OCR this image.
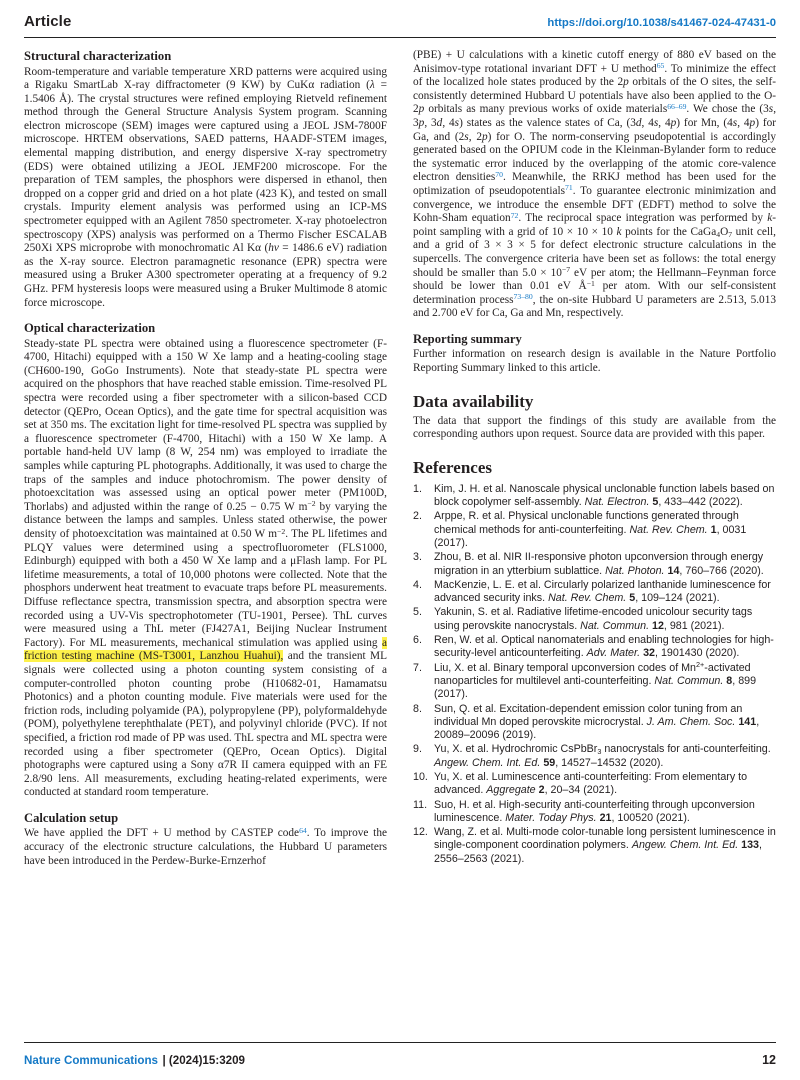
Article	https://doi.org/10.1038/s41467-024-47431-0
Structural characterization

Room-temperature and variable temperature XRD patterns were acquired using a Rigaku SmartLab X-ray diffractometer (9 KW) by CuKα radiation (λ = 1.5406 Å). The crystal structures were refined employing Rietveld refinement method through the General Structure Analysis System program. Scanning electron microscope (SEM) images were captured using a JEOL JSM-7800F microscope. HRTEM observations, SAED patterns, HAADF-STEM images, elemental mapping distribution, and energy dispersive X-ray spectrometry (EDS) were obtained utilizing a JEOL JEMF200 microscope. For the preparation of TEM samples, the phosphors were dispersed in ethanol, then dropped on a copper grid and dried on a hot plate (423 K), and tested on small crystals. Impurity element analysis was performed using an ICP-MS spectrometer equipped with an Agilent 7850 spectrometer. X-ray photoelectron spectroscopy (XPS) analysis was performed on a Thermo Fischer ESCALAB 250Xi XPS microprobe with monochromatic Al Kα (hν = 1486.6 eV) radiation as the X-ray source. Electron paramagnetic resonance (EPR) spectra were measured using a Bruker A300 spectrometer operating at a frequency of 9.2 GHz. PFM hysteresis loops were measured using a Bruker Multimode 8 atomic force microscope.

Optical characterization

Steady-state PL spectra were obtained using a fluorescence spectrometer (F-4700, Hitachi) equipped with a 150 W Xe lamp and a heating-cooling stage (CH600-190, GoGo Instruments). Note that steady-state PL spectra were acquired on the phosphors that have reached stable emission. Time-resolved PL spectra were recorded using a fiber spectrometer with a silicon-based CCD detector (QEPro, Ocean Optics), and the gate time for spectral acquisition was set at 350 ms. The excitation light for time-resolved PL spectra was supplied by a fluorescence spectrometer (F-4700, Hitachi) with a 150 W Xe lamp. A portable hand-held UV lamp (8 W, 254 nm) was employed to irradiate the samples while capturing PL photographs. Additionally, it was used to charge the traps of the samples and induce photochromism. The power density of photoexcitation was assessed using an optical power meter (PM100D, Thorlabs) and adjusted within the range of 0.25 − 0.75 W $m^{-2}$ by varying the distance between the lamps and samples. Unless stated otherwise, the power density of photoexcitation was maintained at 0.50 W $m^{-2}$. The PL lifetimes and PLQY values were determined using a spectrofluorometer (FLS1000, Edinburgh) equipped with both a 450 W Xe lamp and a μFlash lamp. For PL lifetime measurements, a total of 10,000 photons were collected. Note that the phosphors underwent heat treatment to evacuate traps before PL measurements. Diffuse reflectance spectra, transmission spectra, and absorption spectra were recorded using a UV-Vis spectrophotometer (TU-1901, Persee). ThL curves were measured using a ThL meter (FJ427A1, Beijing Nuclear Instrument Factory). For ML measurements, mechanical stimulation was applied using a friction testing machine (MS-T3001, Lanzhou Huahui), and the transient ML signals were collected using a photon counting system consisting of a computer-controlled photon counting probe (H10682-01, Hamamatsu Photonics) and a photon counting module. Five materials were used for the friction rods, including polyamide (PA), polypropylene (PP), polyformaldehyde (POM), polyethylene terephthalate (PET), and polyvinyl chloride (PVC). If not specified, a friction rod made of PP was used. ThL spectra and ML spectra were recorded using a fiber spectrometer (QEPro, Ocean Optics). Digital photographs were captured using a Sony α7R II camera equipped with an FE 2.8/90 lens. All measurements, excluding heating-related experiments, were conducted at standard room temperature.

Calculation setup

We have applied the DFT + U method by CASTEP code$^{64}$. To improve the accuracy of the electronic structure calculations, the Hubbard U parameters have been introduced in the Perdew-Burke-Ernzerhof

(PBE) + U calculations with a kinetic cutoff energy of 880 eV based on the Anisimov-type rotational invariant DFT + U method$^{65}$. To minimize the effect of the localized hole states produced by the 2p orbitals of the O sites, the self-consistently determined Hubbard U potentials have also been applied to the O-2p orbitals as many previous works of oxide materials$^{66-69}$. We chose the (3s, 3p, 3d, 4s) states as the valence states of Ca, (3d, 4s, 4p) for Mn, (4s, 4p) for Ga, and (2s, 2p) for O. The norm-conserving pseudopotential is accordingly generated based on the OPIUM code in the Kleinman-Bylander form to reduce the systematic error induced by the overlapping of the atomic core-valence electron densities$^{70}$. Meanwhile, the RRKJ method has been used for the optimization of pseudopotentials$^{71}$. To guarantee electronic minimization and convergence, we introduce the ensemble DFT (EDFT) method to solve the Kohn-Sham equation$^{72}$. The reciprocal space integration was performed by k-point sampling with a grid of 10 × 10 × 10 k points for the CaGa4O7 unit cell, and a grid of 3 × 3 × 5 for defect electronic structure calculations in the supercells. The convergence criteria have been set as follows: the total energy should be smaller than $5.0 \times 10^{-7}$ eV per atom; the Hellmann–Feynman force should be lower than 0.01 eV $Å^{-1}$ per atom. With our self-consistent determination process$^{73-80}$, the on-site Hubbard U parameters are 2.513, 5.013 and 2.700 eV for Ca, Ga and Mn, respectively.

Reporting summary

Further information on research design is available in the Nature Portfolio Reporting Summary linked to this article.

Data availability

The data that support the findings of this study are available from the corresponding authors upon request. Source data are provided with this paper.

References
1.	Kim, J. H. et al. Nanoscale physical unclonable function labels based on block copolymer self-assembly. Nat. Electron. 5, 433–442 (2022).
2.	Arppe, R. et al. Physical unclonable functions generated through chemical methods for anti-counterfeiting. Nat. Rev. Chem. 1, 0031 (2017).
3.	Zhou, B. et al. NIR II-responsive photon upconversion through energy migration in an ytterbium sublattice. Nat. Photon. 14, 760–766 (2020).
4.	MacKenzie, L. E. et al. Circularly polarized lanthanide luminescence for advanced security inks. Nat. Rev. Chem. 5, 109–124 (2021).
5.	Yakunin, S. et al. Radiative lifetime-encoded unicolour security tags using perovskite nanocrystals. Nat. Commun. 12, 981 (2021).
6.	Ren, W. et al. Optical nanomaterials and enabling technologies for high-security-level anticounterfeiting. Adv. Mater. 32, 1901430 (2020).
7.	Liu, X. et al. Binary temporal upconversion codes of $Mn^{2+}$-activated nanoparticles for multilevel anti-counterfeiting. Nat. Commun. 8, 899 (2017).
8.	Sun, Q. et al. Excitation-dependent emission color tuning from an individual Mn doped perovskite microcrystal. J. Am. Chem. Soc. 141, 20089–20096 (2019).
9.	Yu, X. et al. Hydrochromic CsPbBr3 nanocrystals for anti-counterfeiting. Angew. Chem. Int. Ed. 59, 14527–14532 (2020).
10. Yu, X. et al. Luminescence anti-counterfeiting: From elementary to advanced. Aggregate 2, 20–34 (2021).
11. Suo, H. et al. High-security anti-counterfeiting through upconversion luminescence. Mater. Today Phys. 21, 100520 (2021).
12. Wang, Z. et al. Multi-mode color-tunable long persistent luminescence in single-component coordination polymers. Angew. Chem. Int. Ed. 133, 2556–2563 (2021).
Nature Communications | (2024)15:3209	12
